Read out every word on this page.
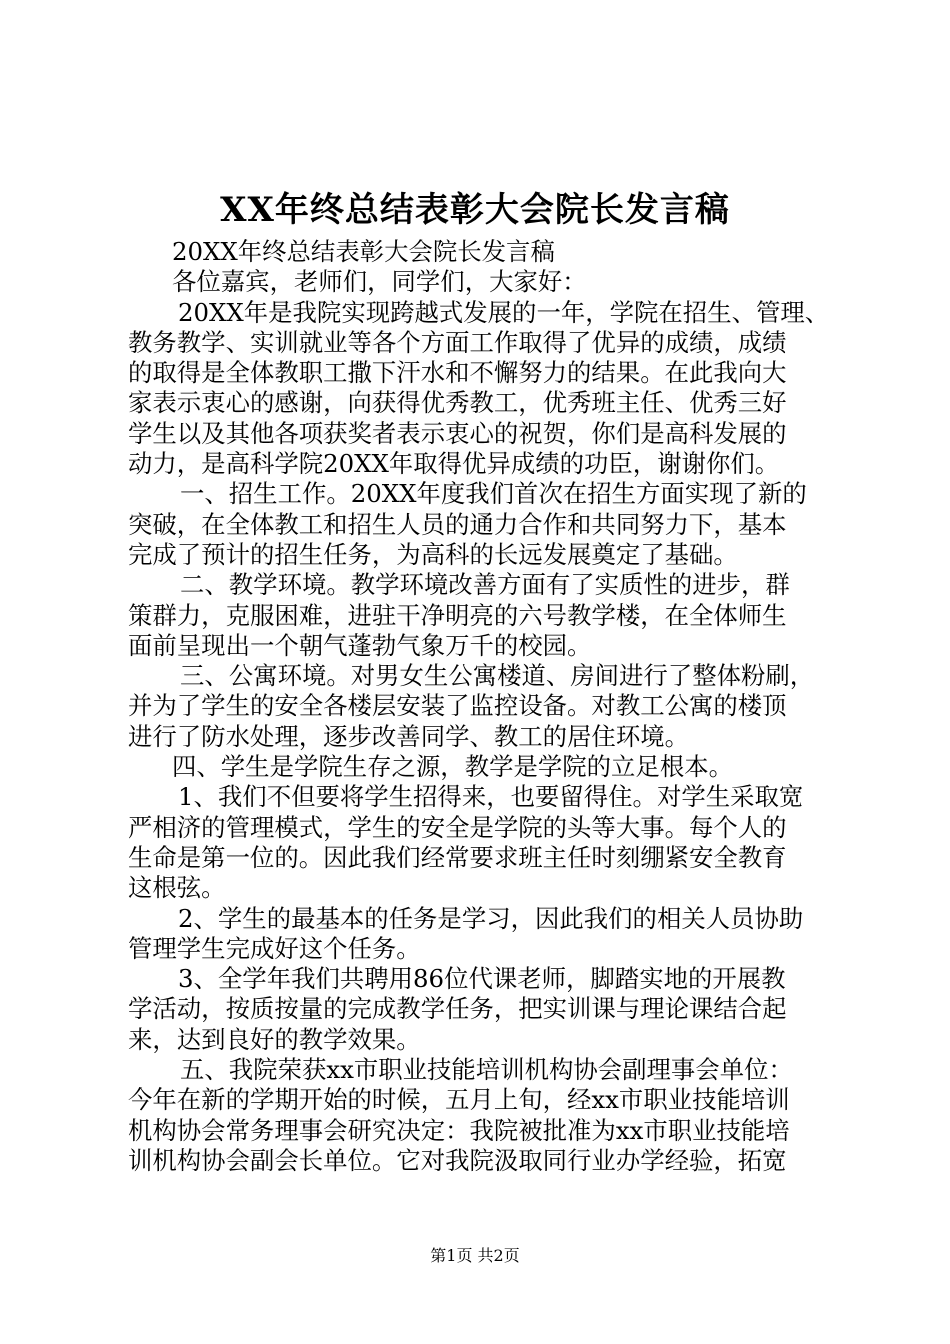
XX年终总结表彰大会院长发言稿
20XX年终总结表彰大会院长发言稿
各位嘉宾，老师们，同学们，大家好：
20XX年是我院实现跨越式发展的一年，学院在招生、管理、
教务教学、实训就业等各个方面工作取得了优异的成绩，成绩
的取得是全体教职工撒下汗水和不懈努力的结果。在此我向大
家表示衷心的感谢，向获得优秀教工，优秀班主任、优秀三好
学生以及其他各项获奖者表示衷心的祝贺，你们是高科发展的
动力，是高科学院20XX年取得优异成绩的功臣，谢谢你们。
一、招生工作。20XX年度我们首次在招生方面实现了新的
突破，在全体教工和招生人员的通力合作和共同努力下，基本
完成了预计的招生任务，为高科的长远发展奠定了基础。
二、教学环境。教学环境改善方面有了实质性的进步，群
策群力，克服困难，进驻干净明亮的六号教学楼，在全体师生
面前呈现出一个朝气蓬勃气象万千的校园。
三、公寓环境。对男女生公寓楼道、房间进行了整体粉刷，
并为了学生的安全各楼层安装了监控设备。对教工公寓的楼顶
进行了防水处理，逐步改善同学、教工的居住环境。
四、学生是学院生存之源，教学是学院的立足根本。
1、我们不但要将学生招得来，也要留得住。对学生采取宽
严相济的管理模式，学生的安全是学院的头等大事。每个人的
生命是第一位的。因此我们经常要求班主任时刻绷紧安全教育
这根弦。
2、学生的最基本的任务是学习，因此我们的相关人员协助
管理学生完成好这个任务。
3、全学年我们共聘用86位代课老师，脚踏实地的开展教
学活动，按质按量的完成教学任务，把实训课与理论课结合起
来，达到良好的教学效果。
五、我院荣获xx市职业技能培训机构协会副理事会单位：
今年在新的学期开始的时候，五月上旬，经xx市职业技能培训
机构协会常务理事会研究决定：我院被批准为xx市职业技能培
训机构协会副会长单位。它对我院汲取同行业办学经验，拓宽
第1页 共2页
